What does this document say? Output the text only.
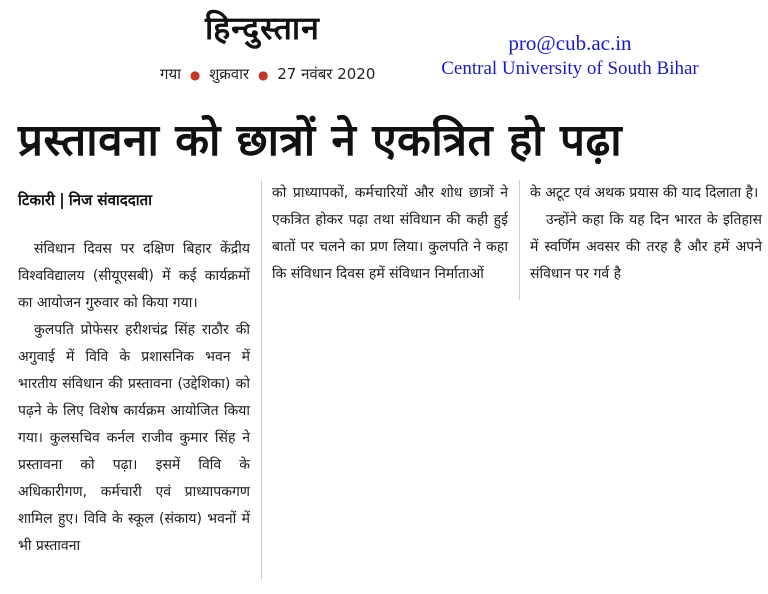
हिन्दुस्तान
गया ● शुक्रवार ● 27 नवंबर 2020
pro@cub.ac.in
Central University of South Bihar
प्रस्तावना को छात्रों ने एकत्रित हो पढ़ा
टिकारी निज संवाददाता

संविधान दिवस पर दक्षिण बिहार केंद्रीय विश्वविद्यालय (सीयूएसबी) में कई कार्यक्रमों का आयोजन गुरुवार को किया गया।

कुलपति प्रोफेसर हरीशचंद्र सिंह राठौर की अगुवाई में विवि के प्रशासनिक भवन में भारतीय संविधान की प्रस्तावना (उद्देशिका) को पढ़ने के लिए विशेष कार्यक्रम आयोजित किया गया। कुलसचिव कर्नल राजीव कुमार सिंह ने प्रस्तावना को पढ़ा। इसमें विवि के अधिकारीगण, कर्मचारी एवं प्राध्यापकगण शामिल हुए। विवि के स्कूल (संकाय) भवनों में भी प्रस्तावना

को प्राध्यापकों, कर्मचारियों और शोध छात्रों ने एकत्रित होकर पढ़ा तथा संविधान की कही हुई बातों पर चलने का प्रण लिया। कुलपति ने कहा कि संविधान दिवस हमें संविधान निर्माताओं

के अटूट एवं अथक प्रयास की याद दिलाता है।

उन्होंने कहा कि यह दिन भारत के इतिहास में स्वर्णिम अवसर की तरह है और हमें अपने संविधान पर गर्व है
